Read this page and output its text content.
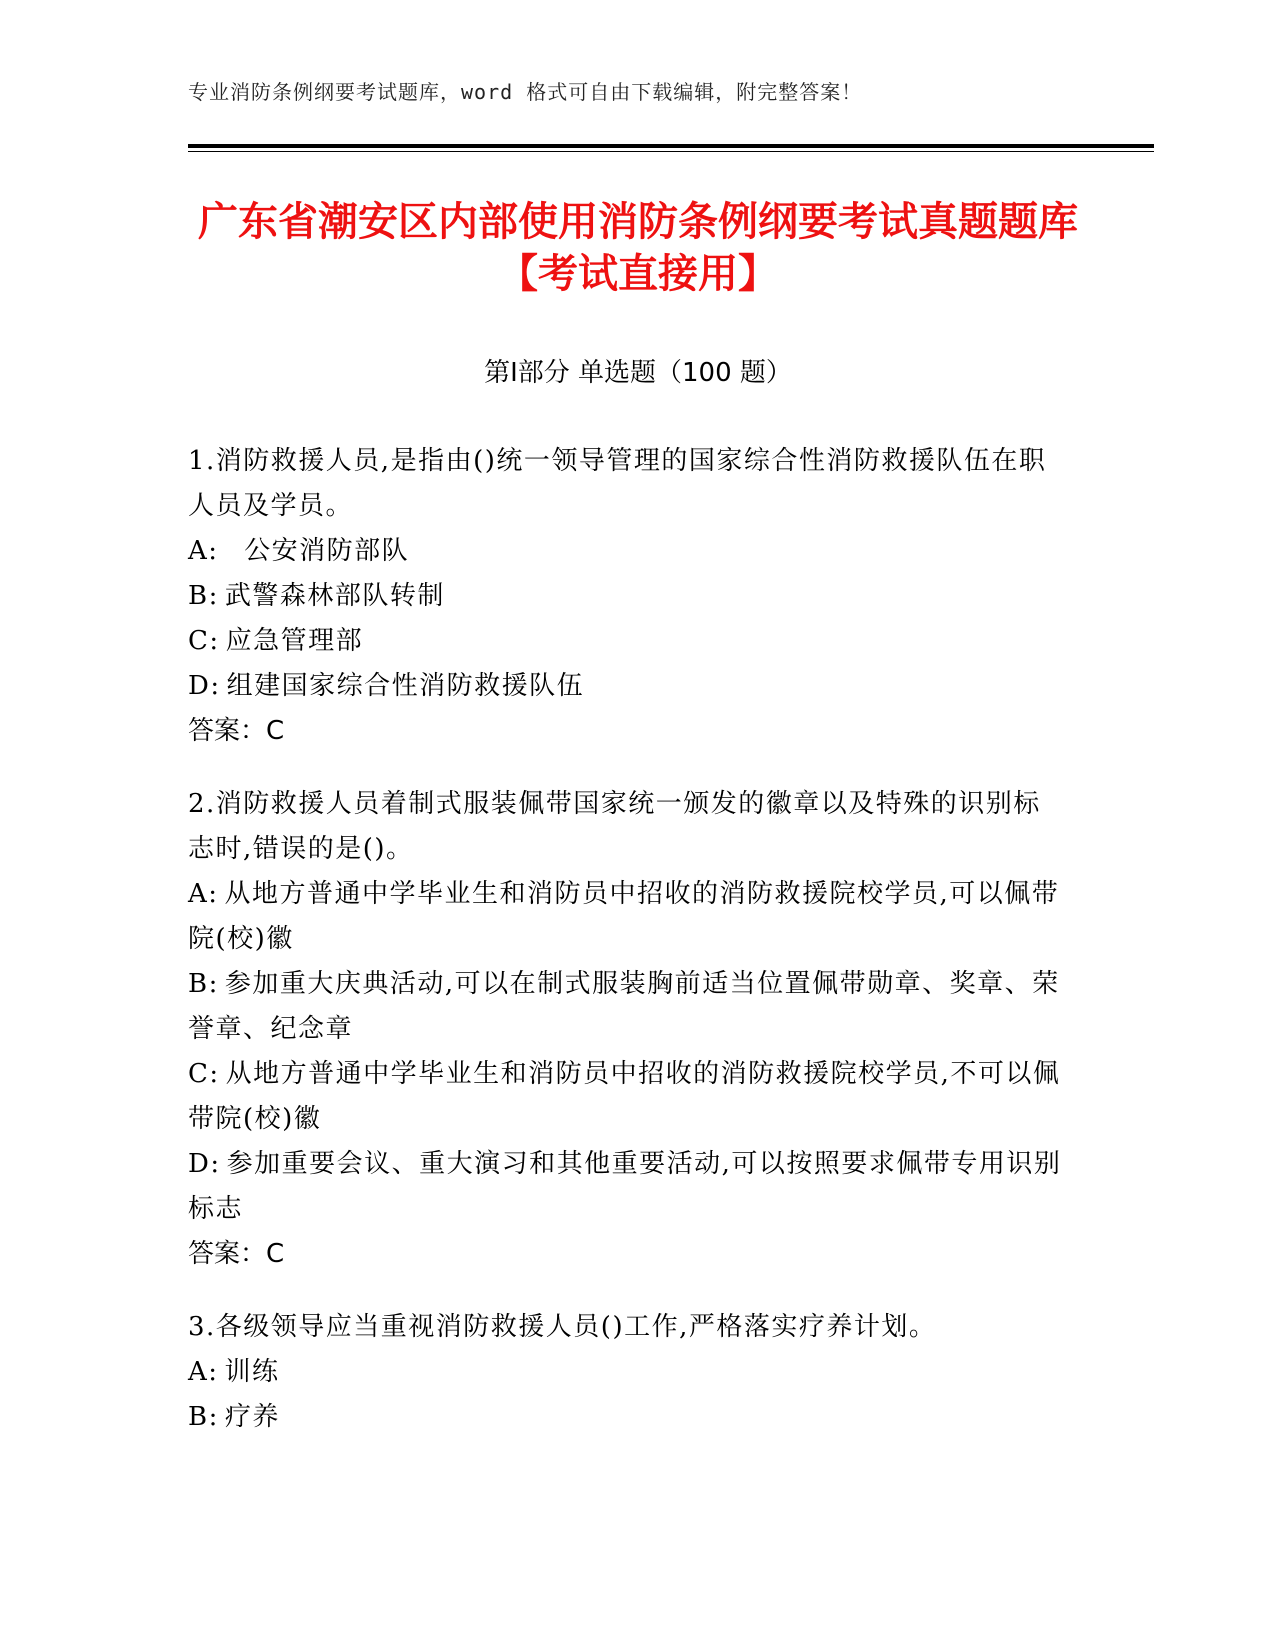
专业消防条例纲要考试题库，word 格式可自由下载编辑，附完整答案！
广东省潮安区内部使用消防条例纲要考试真题题库【考试直接用】
第Ⅰ部分 单选题（100 题）

1.消防救援人员,是指由()统一领导管理的国家综合性消防救援队伍在职人员及学员。

A:  公安消防部队

B: 武警森林部队转制

C: 应急管理部

D: 组建国家综合性消防救援队伍

答案：C

2.消防救援人员着制式服装佩带国家统一颁发的徽章以及特殊的识别标志时,错误的是()。

A: 从地方普通中学毕业生和消防员中招收的消防救援院校学员,可以佩带院(校)徽

B: 参加重大庆典活动,可以在制式服装胸前适当位置佩带勋章、奖章、荣誉章、纪念章

C: 从地方普通中学毕业生和消防员中招收的消防救援院校学员,不可以佩带院(校)徽

D: 参加重要会议、重大演习和其他重要活动,可以按照要求佩带专用识别标志

答案：C

3.各级领导应当重视消防救援人员()工作,严格落实疗养计划。

A: 训练

B: 疗养
